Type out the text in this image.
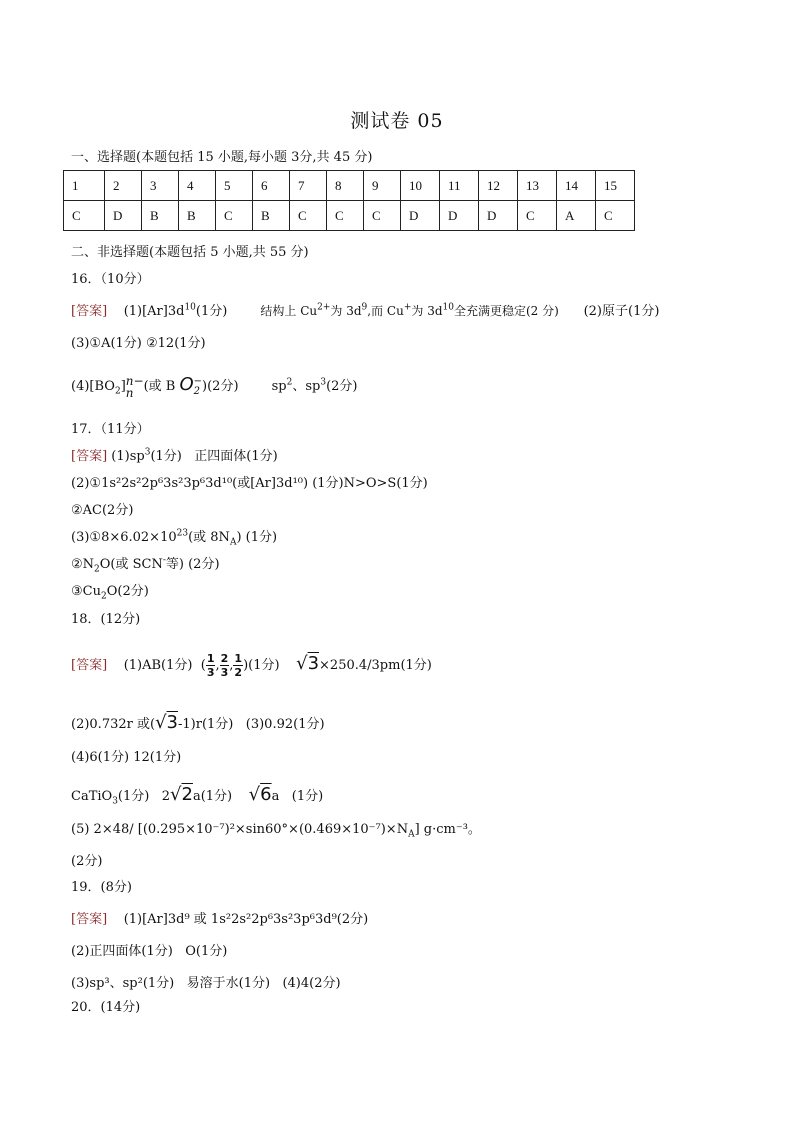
测试卷 05
一、选择题(本题包括 15 小题,每小题 3分,共 45 分)
1	2	3	4	5	6	7	8	9	10	11	12	13	14	15
C	D	B	B	C	B	C	C	C	D	D	D	C	A	C
二、非选择题(本题包括 5 小题,共 55 分)
16．（10分）
[答案] $(1)[Ar]3d^{10}(1$分)	结构上 $Cu^{2+}$为 $3d^9$,而 Cu+为 $3d^{10}$全充满更稳定(2 分) (2)原子(1分)
(3)①A(1分) ②12(1分)
$(4)[BO_2]$ n−
n (或 B O −
2 )(2分)	$sp^2$、$sp^3(2$分)
17．（11分）
[答案] $(1)sp^3(1$分)   正四面体(1分)
(2)①1s²2s²2p⁶3s²3p⁶3d¹⁰(或[Ar]3d¹⁰) (1分)N>O>S(1分)
②AC(2分)
$(3)①8\times 6.02\times 10^{23}$(或 $8N_A$) (1分)
$②N_2O$(或 SCN-等) (2分)
$③Cu_2O(2$分)
18．(12分)
[答案] (1)AB(1分)  ( $\frac{1}{3}$ , $\frac{2}{3}$ , $\frac{1}{2} )(1$分) √3×250.4/3pm(1分)
(2)0.732r 或(√3-1)r(1分)   (3)0.92(1分)
(4)6(1分) 12(1分)
CaTiO$_3$(1分)   2√2a(1分) √6a   (1分)
(5) 2×48/ $[(0.295\times 10^{-7})^2\times\sin 60^\circ\times(0.469\times 10^{-7})\times N_A]$ g·cm⁻³。
(2分)
19．(8分)
[答案] (1)[Ar]3d⁹ 或 1s²2s²2p⁶3s²3p⁶3d⁹(2分)
(2)正四面体(1分)   O(1分)
(3)sp³、sp²(1分)   易溶于水(1分)   (4)4(2分)
20．(14分)
